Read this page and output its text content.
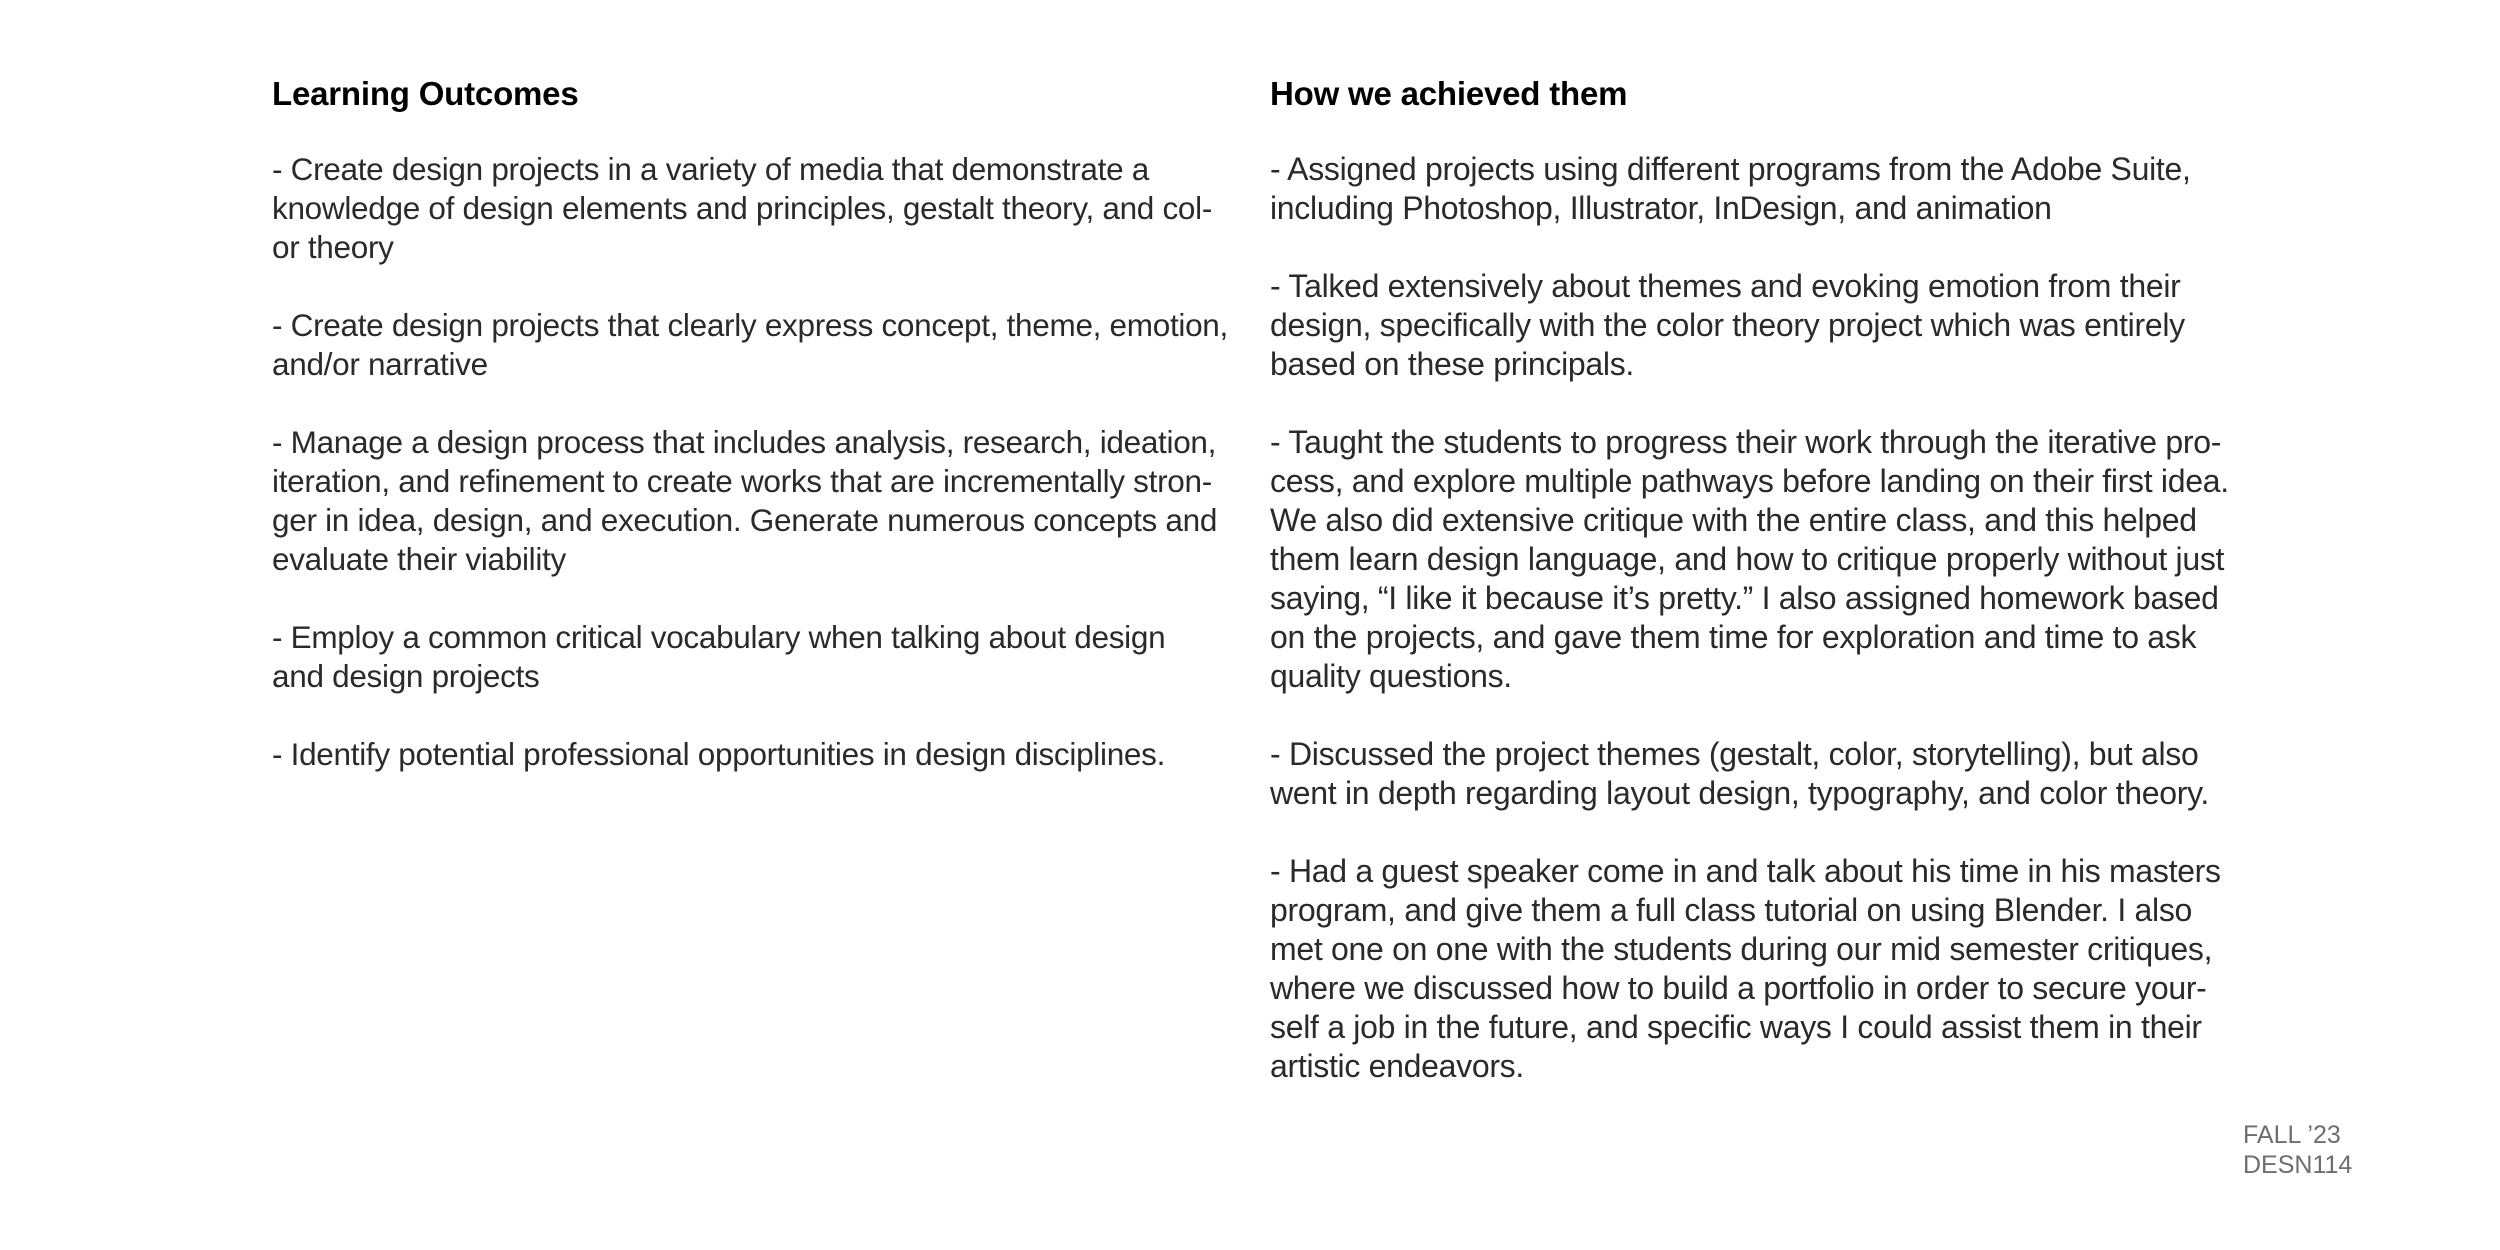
Learning Outcomes
- Create design projects in a variety of media that demonstrate a
knowledge of design elements and principles, gestalt theory, and col-
or theory
- Create design projects that clearly express concept, theme, emotion,
and/or narrative
- Manage a design process that includes analysis, research, ideation,
iteration, and refinement to create works that are incrementally stron-
ger in idea, design, and execution. Generate numerous concepts and
evaluate their viability
- Employ a common critical vocabulary when talking about design
and design projects
- Identify potential professional opportunities in design disciplines.
How we achieved them
- Assigned projects using different programs from the Adobe Suite,
including Photoshop, Illustrator, InDesign, and animation
- Talked extensively about themes and evoking emotion from their
design, specifically with the color theory project which was entirely
based on these principals.
- Taught the students to progress their work through the iterative pro-
cess, and explore multiple pathways before landing on their first idea.
We also did extensive critique with the entire class, and this helped
them learn design language, and how to critique properly without just
saying, “I like it because it’s pretty.” I also assigned homework based
on the projects, and gave them time for exploration and time to ask
quality questions.
- Discussed the project themes (gestalt, color, storytelling), but also
went in depth regarding layout design, typography, and color theory.
- Had a guest speaker come in and talk about his time in his masters
program, and give them a full class tutorial on using Blender. I also
met one on one with the students during our mid semester critiques,
where we discussed how to build a portfolio in order to secure your-
self a job in the future, and specific ways I could assist them in their
artistic endeavors.
FALL ’23
DESN114
